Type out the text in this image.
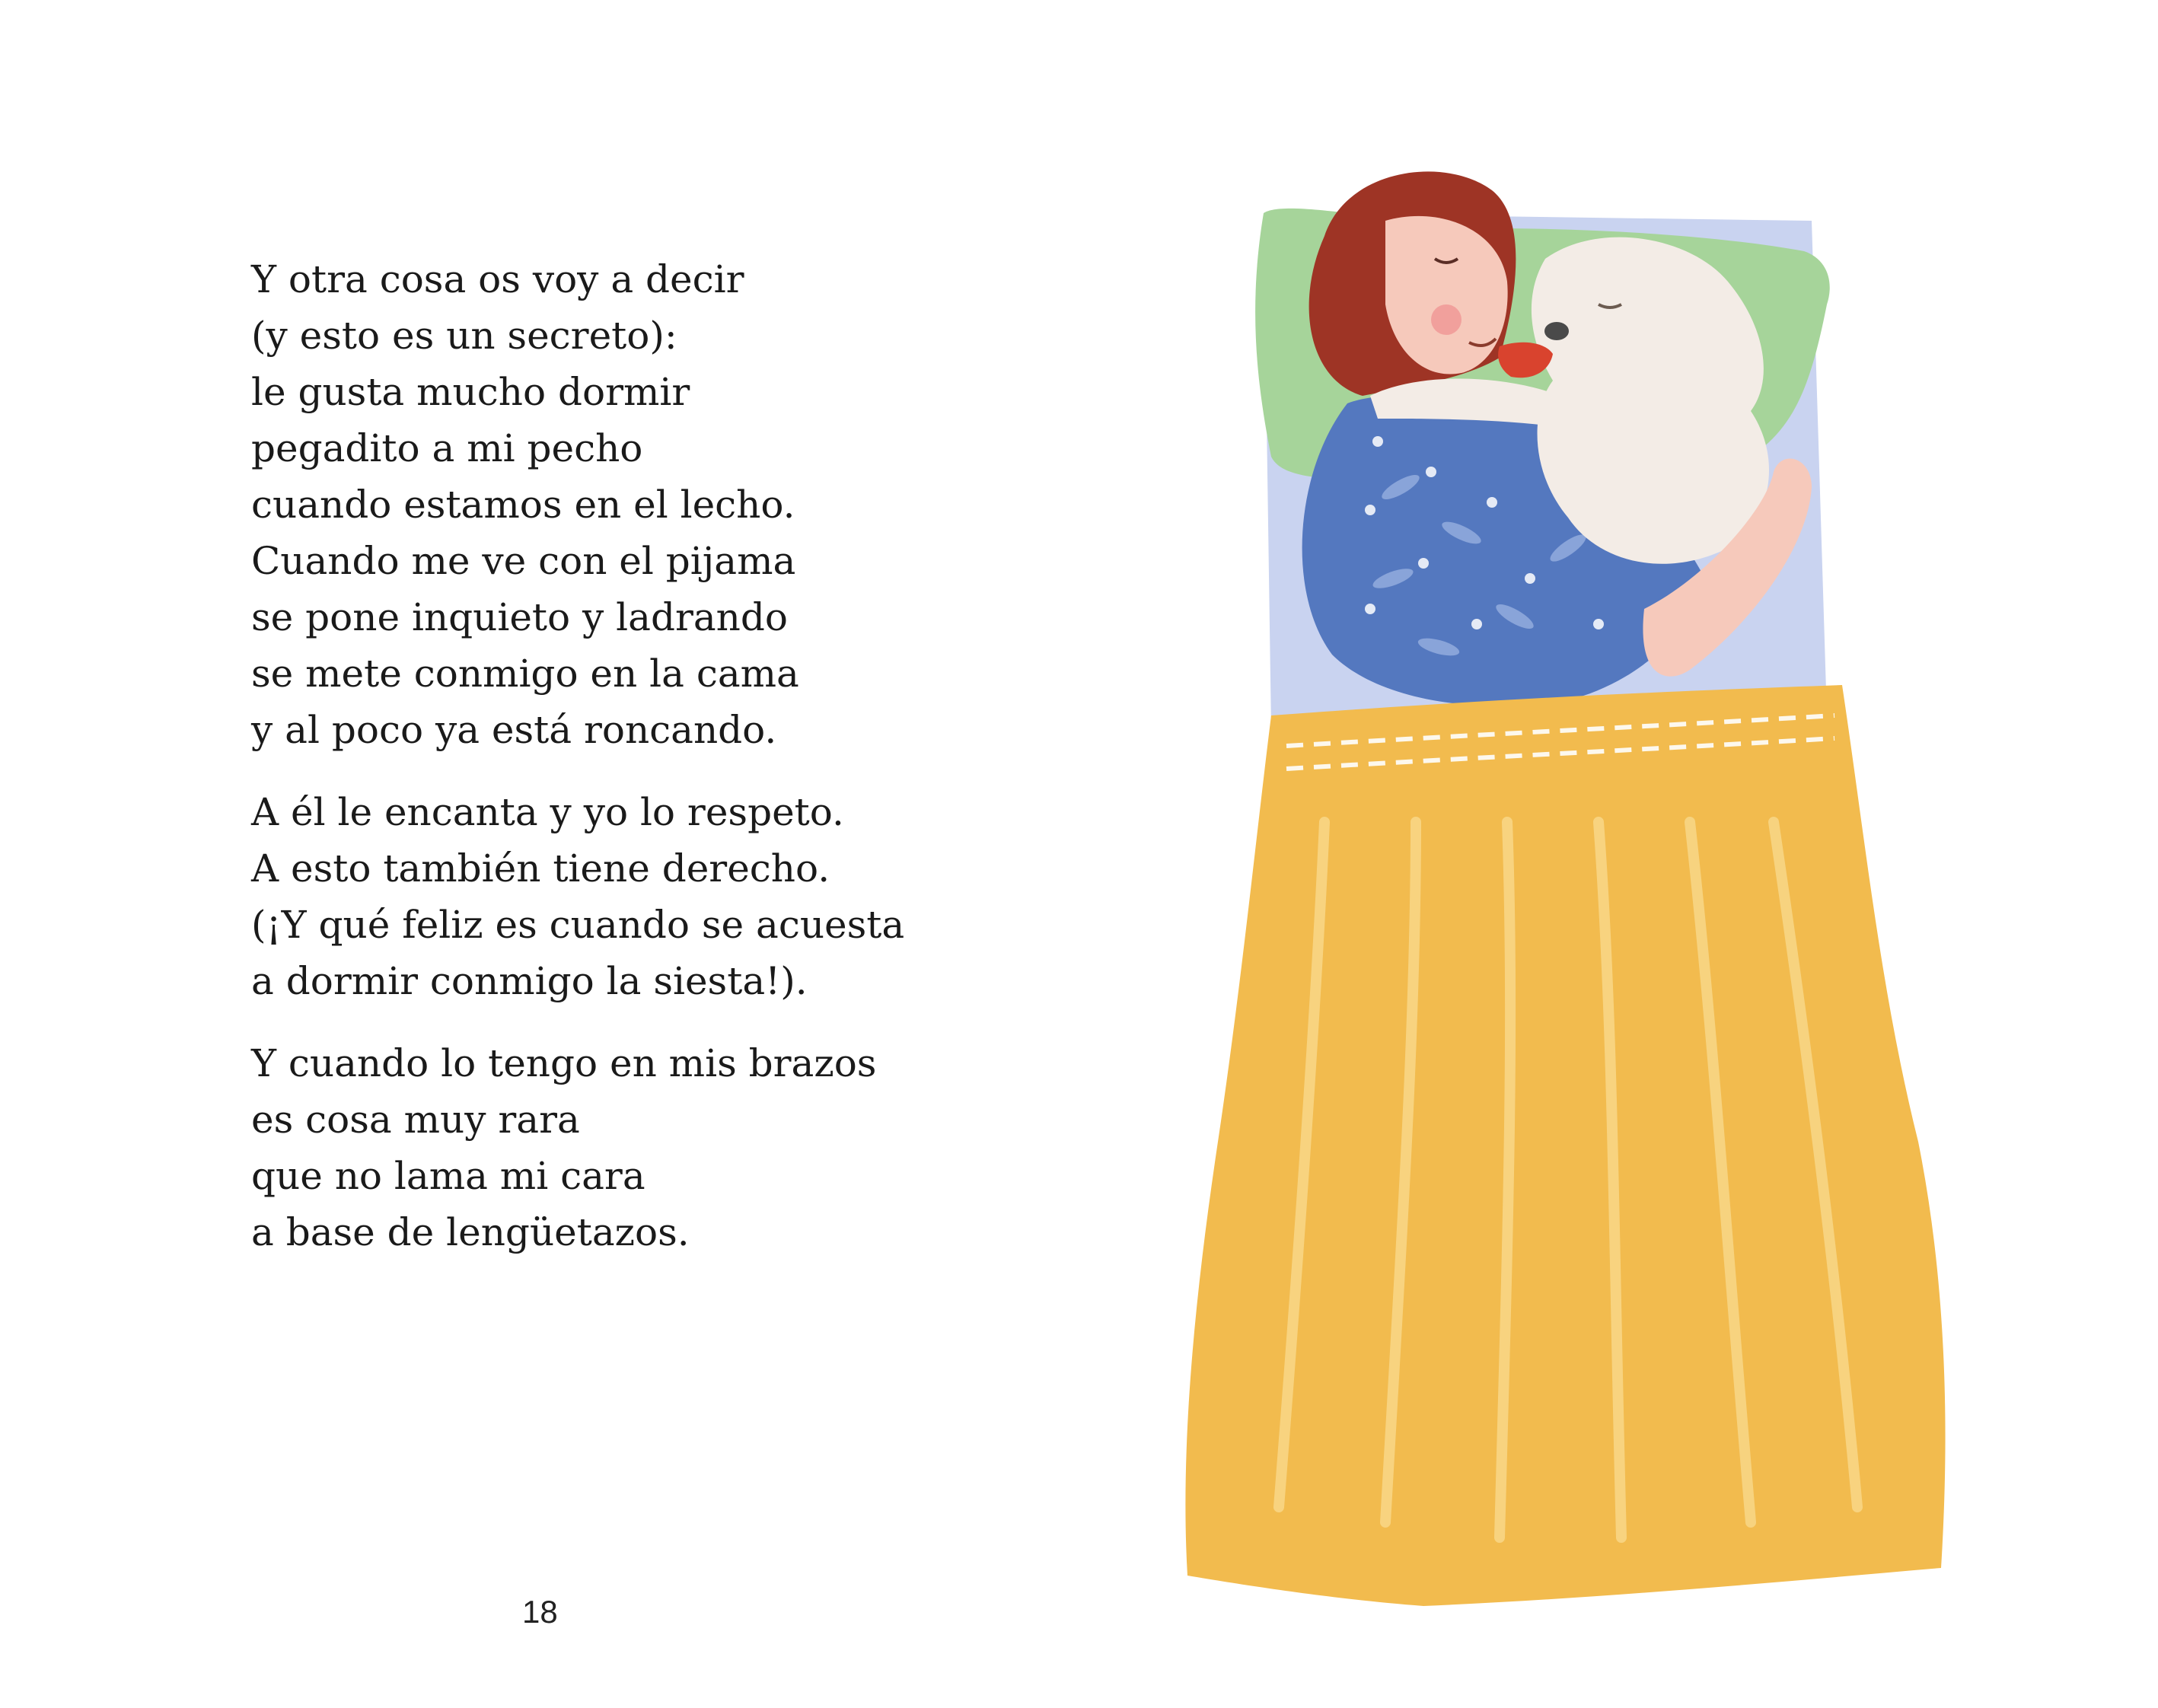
Y otra cosa os voy a decir
(y esto es un secreto):
le gusta mucho dormir
pegadito a mi pecho
cuando estamos en el lecho.
Cuando me ve con el pijama
se pone inquieto y ladrando
se mete conmigo en la cama
y al poco ya está roncando.
A él le encanta y yo lo respeto.
A esto también tiene derecho.
(¡Y qué feliz es cuando se acuesta
a dormir conmigo la siesta!).
Y cuando lo tengo en mis brazos
es cosa muy rara
que no lama mi cara
a base de lengüetazos.
18
